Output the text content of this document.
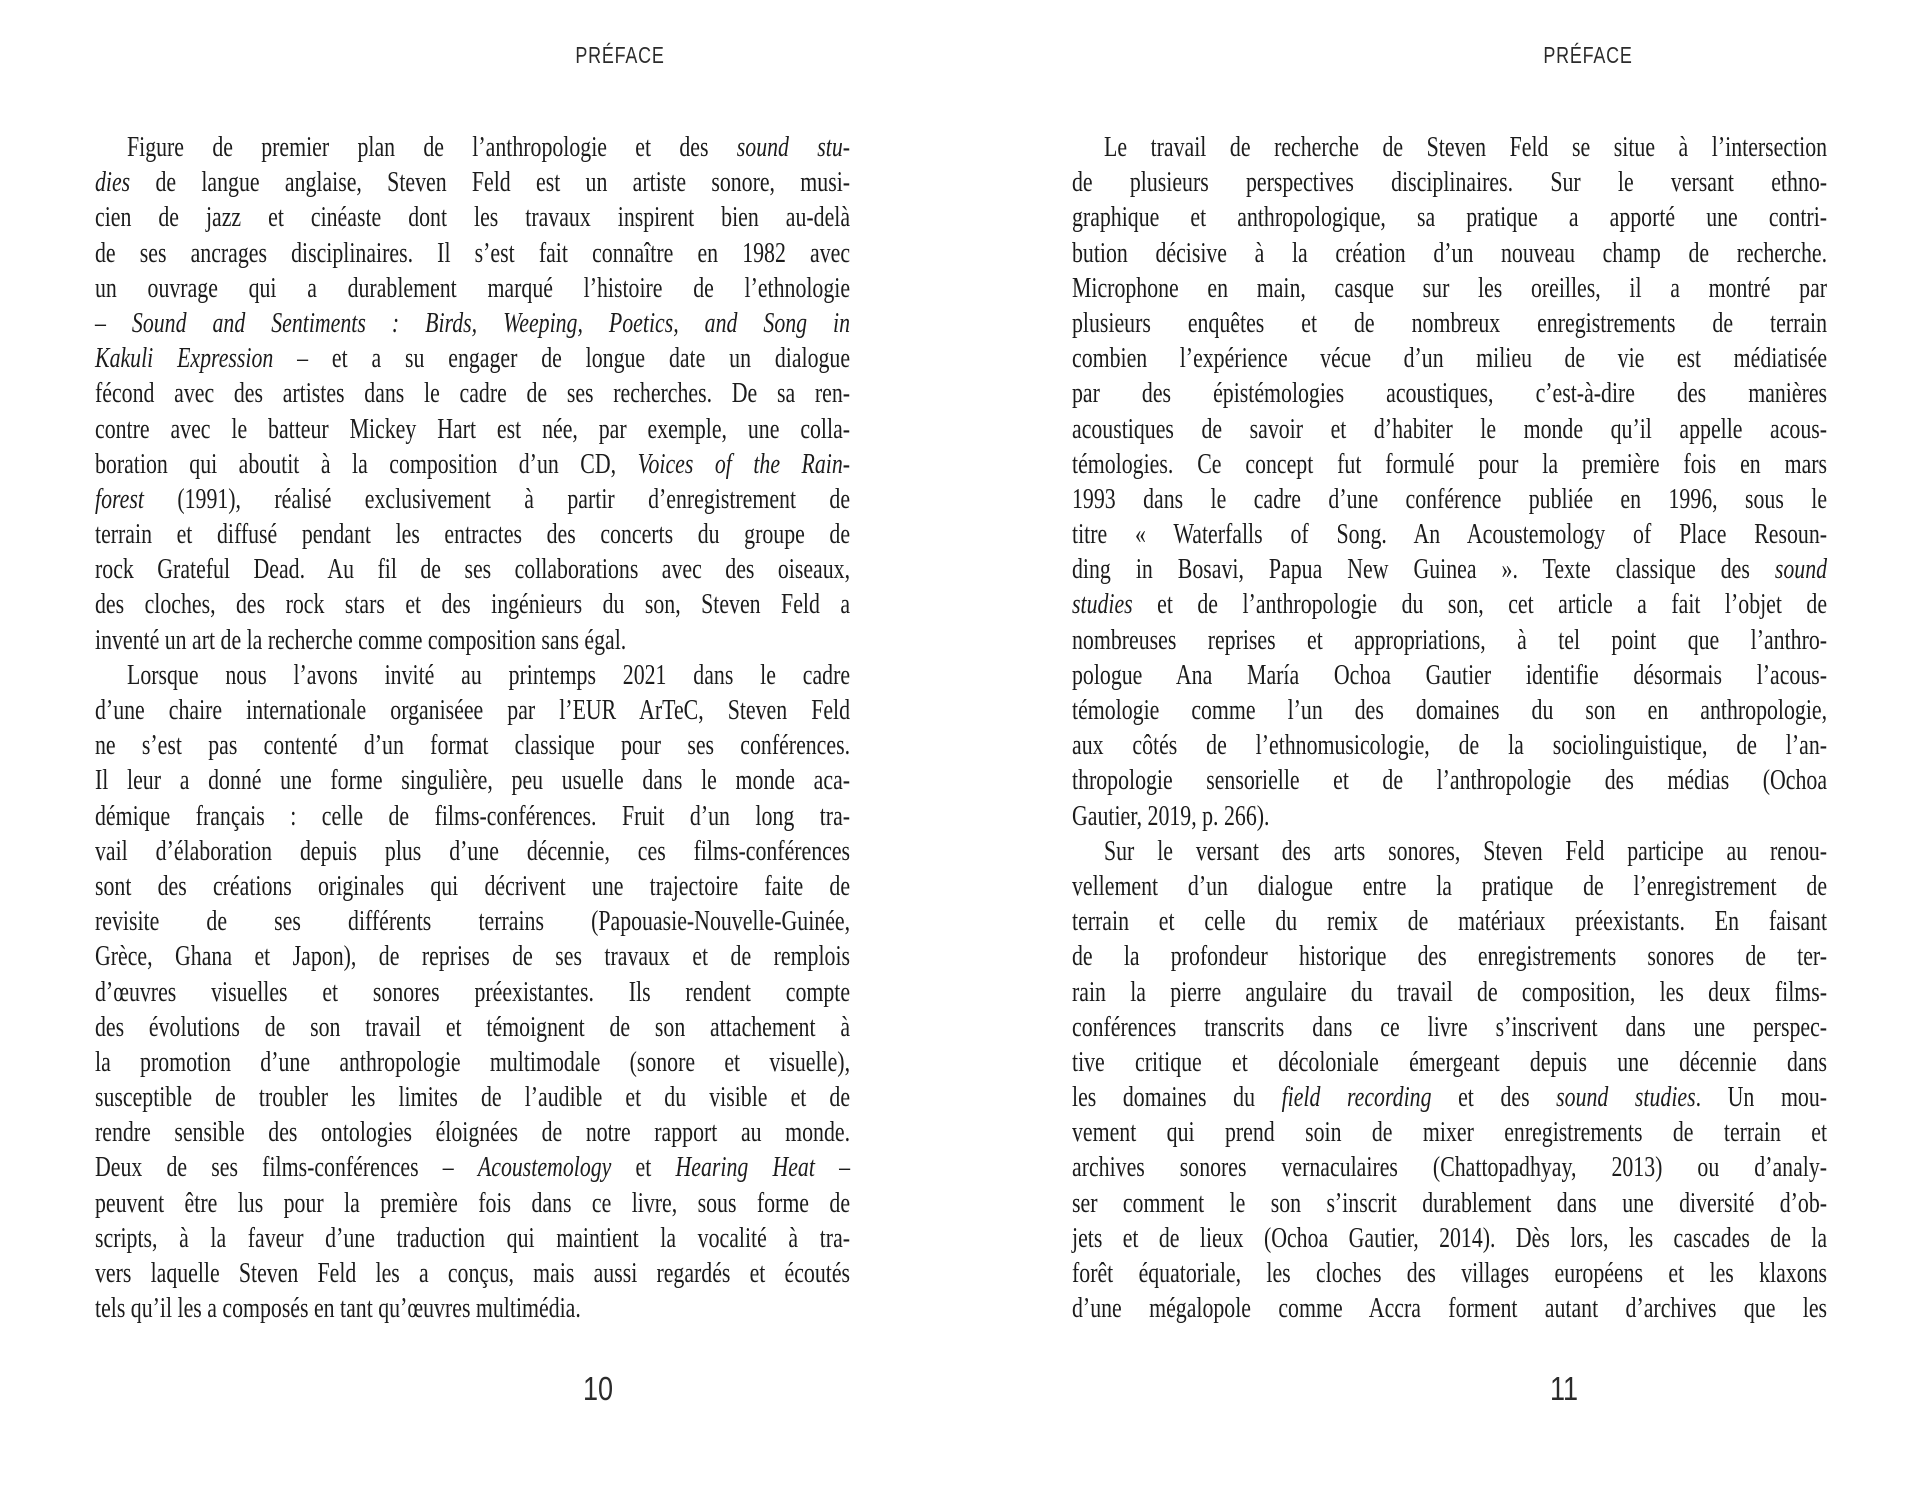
PRÉFACE
Figure de premier plan de l’anthropologie et des sound stu-
dies de langue anglaise, Steven Feld est un artiste sonore, musi-
cien de jazz et cinéaste dont les travaux inspirent bien au-delà
de ses ancrages disciplinaires. Il s’est fait connaître en 1982 avec
un ouvrage qui a durablement marqué l’histoire de l’ethnologie
– Sound and Sentiments : Birds, Weeping, Poetics, and Song in
Kakuli Expression – et a su engager de longue date un dialogue
fécond avec des artistes dans le cadre de ses recherches. De sa ren-
contre avec le batteur Mickey Hart est née, par exemple, une colla-
boration qui aboutit à la composition d’un CD, Voices of the Rain-
forest (1991), réalisé exclusivement à partir d’enregistrement de
terrain et diffusé pendant les entractes des concerts du groupe de
rock Grateful Dead. Au fil de ses collaborations avec des oiseaux,
des cloches, des rock stars et des ingénieurs du son, Steven Feld a
inventé un art de la recherche comme composition sans égal.
Lorsque nous l’avons invité au printemps 2021 dans le cadre
d’une chaire internationale organiséee par l’EUR ArTeC, Steven Feld
ne s’est pas contenté d’un format classique pour ses conférences.
Il leur a donné une forme singulière, peu usuelle dans le monde aca-
démique français : celle de films-conférences. Fruit d’un long tra-
vail d’élaboration depuis plus d’une décennie, ces films-conférences
sont des créations originales qui décrivent une trajectoire faite de
revisite de ses différents terrains (Papouasie-Nouvelle-Guinée,
Grèce, Ghana et Japon), de reprises de ses travaux et de remplois
d’œuvres visuelles et sonores préexistantes. Ils rendent compte
des évolutions de son travail et témoignent de son attachement à
la promotion d’une anthropologie multimodale (sonore et visuelle),
susceptible de troubler les limites de l’audible et du visible et de
rendre sensible des ontologies éloignées de notre rapport au monde.
Deux de ses films-conférences – Acoustemology et Hearing Heat –
peuvent être lus pour la première fois dans ce livre, sous forme de
scripts, à la faveur d’une traduction qui maintient la vocalité à tra-
vers laquelle Steven Feld les a conçus, mais aussi regardés et écoutés
tels qu’il les a composés en tant qu’œuvres multimédia.
10
PRÉFACE
Le travail de recherche de Steven Feld se situe à l’intersection
de plusieurs perspectives disciplinaires. Sur le versant ethno-
graphique et anthropologique, sa pratique a apporté une contri-
bution décisive à la création d’un nouveau champ de recherche.
Microphone en main, casque sur les oreilles, il a montré par
plusieurs enquêtes et de nombreux enregistrements de terrain
combien l’expérience vécue d’un milieu de vie est médiatisée
par des épistémologies acoustiques, c’est-à-dire des manières
acoustiques de savoir et d’habiter le monde qu’il appelle acous-
témologies. Ce concept fut formulé pour la première fois en mars
1993 dans le cadre d’une conférence publiée en 1996, sous le
titre « Waterfalls of Song. An Acoustemology of Place Resoun-
ding in Bosavi, Papua New Guinea ». Texte classique des sound
studies et de l’anthropologie du son, cet article a fait l’objet de
nombreuses reprises et appropriations, à tel point que l’anthro-
pologue Ana María Ochoa Gautier identifie désormais l’acous-
témologie comme l’un des domaines du son en anthropologie,
aux côtés de l’ethnomusicologie, de la sociolinguistique, de l’an-
thropologie sensorielle et de l’anthropologie des médias (Ochoa
Gautier, 2019, p. 266).
Sur le versant des arts sonores, Steven Feld participe au renou-
vellement d’un dialogue entre la pratique de l’enregistrement de
terrain et celle du remix de matériaux préexistants. En faisant
de la profondeur historique des enregistrements sonores de ter-
rain la pierre angulaire du travail de composition, les deux films-
conférences transcrits dans ce livre s’inscrivent dans une perspec-
tive critique et décoloniale émergeant depuis une décennie dans
les domaines du field recording et des sound studies. Un mou-
vement qui prend soin de mixer enregistrements de terrain et
archives sonores vernaculaires (Chattopadhyay, 2013) ou d’analy-
ser comment le son s’inscrit durablement dans une diversité d’ob-
jets et de lieux (Ochoa Gautier, 2014). Dès lors, les cascades de la
forêt équatoriale, les cloches des villages européens et les klaxons
d’une mégalopole comme Accra forment autant d’archives que les
11
